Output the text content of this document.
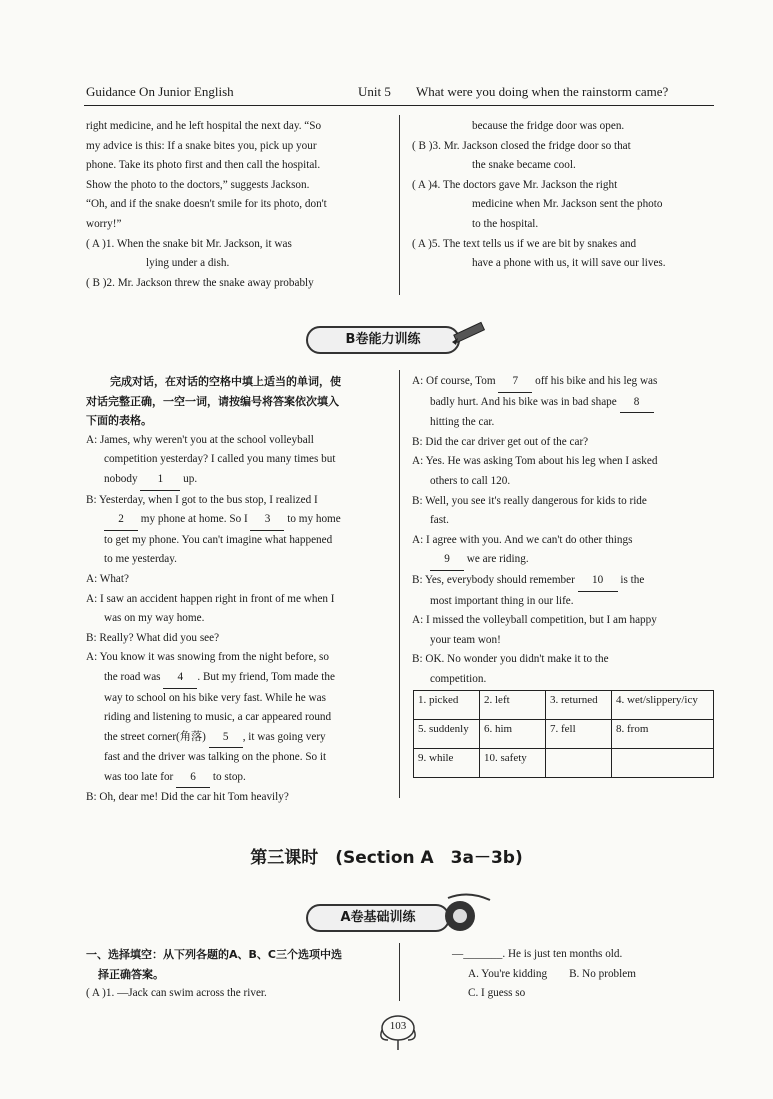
Guidance On Junior English	Unit 5 What were you doing when the rainstorm came?

right medicine, and he left hospital the next day. “So

my advice is this: If a snake bites you, pick up your

phone. Take its photo first and then call the hospital.

Show the photo to the doctors,” suggests Jackson.

“Oh, and if the snake doesn't smile for its photo, don't

worry!”

( A )1. When the snake bit Mr. Jackson, it was

lying under a dish.

( B )2. Mr. Jackson threw the snake away probably

because the fridge door was open.

( B )3. Mr. Jackson closed the fridge door so that

the snake became cool.

( A )4. The doctors gave Mr. Jackson the right

medicine when Mr. Jackson sent the photo

to the hospital.

( A )5. The text tells us if we are bit by snakes and

have a phone with us, it will save our lives.

B卷能力训练

完成对话，在对话的空格中填上适当的单词，使

对话完整正确，一空一词，请按编号将答案依次填入

下面的表格。

A: James, why weren't you at the school volleyball

competition yesterday? I called you many times but

nobody 1 up.

B: Yesterday, when I got to the bus stop, I realized I

2 my phone at home. So I 3 to my home

to get my phone. You can't imagine what happened

to me yesterday.

A: What?

A: I saw an accident happen right in front of me when I

was on my way home.

B: Really? What did you see?

A: You know it was snowing from the night before, so

the road was 4 . But my friend, Tom made the

way to school on his bike very fast. While he was

riding and listening to music, a car appeared round

the street corner(角落) 5 , it was going very

fast and the driver was talking on the phone. So it

was too late for 6 to stop.

B: Oh, dear me! Did the car hit Tom heavily?

A: Of course, Tom 7 off his bike and his leg was

badly hurt. And his bike was in bad shape 8

hitting the car.

B: Did the car driver get out of the car?

A: Yes. He was asking Tom about his leg when I asked

others to call 120.

B: Well, you see it's really dangerous for kids to ride

fast.

A: I agree with you. And we can't do other things

9 we are riding.

B: Yes, everybody should remember 10 is the

most important thing in our life.

A: I missed the volleyball competition, but I am happy

your team won!

B: OK. No wonder you didn't make it to the

competition.

1. picked	2. left	3. returned	4. wet/slippery/icy
5. suddenly	6. him	7. fell	8. from
9. while	10. safety		
第三课时　(Section A　3a－3b)
A卷基础训练

一、选择填空：从下列各题的A、B、C三个选项中选

择正确答案。

( A )1. —Jack can swim across the river.

—_______. He is just ten months old.

A. You're kidding B. No problem

C. I guess so

103
